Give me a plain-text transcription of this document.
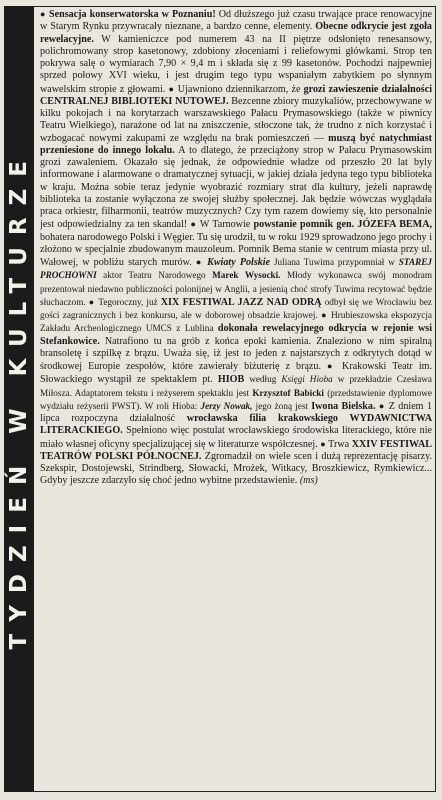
TYDZIEŃ W KULTURZE

● Sensacja konserwatorska w Poznaniu! Od dłuższego już czasu trwające prace renowacyjne w Starym Rynku przywracały nieznane, a bardzo cenne, elementy. Obecne odkrycie jest zgoła rewelacyjne. W kamieniczce pod numerem 43 na II piętrze odsłonięto renesansowy, polichromowany strop kasetonowy, zdobiony złoceniami i reliefowymi główkami. Strop ten pokrywa salę o wymiarach 7,90 × 9,4 m i składa się z 99 kasetonów. Pochodzi najpewniej sprzed połowy XVI wieku, i jest drugim tego typu wspaniałym zabytkiem po słynnym wawelskim stropie z głowami. ● Ujawniono dziennikarzom, że grozi zawieszenie działalności CENTRALNEJ BIBLIOTEKI NUTOWEJ. Bezcenne zbiory muzykaliów, przechowywane w kilku pokojach i na korytarzach warszawskiego Pałacu Prymasowskiego (także w piwnicy Teatru Wielkiego), narażone od lat na zniszczenie, stłoczone tak, że trudno z nich korzystać i wzbogacać nowymi zakupami ze względu na brak pomieszczeń — muszą być natychmiast przeniesione do innego lokalu. A to dlatego, że przeciążony strop w Pałacu Prymasowskim grozi zawaleniem. Okazało się jednak, że odpowiednie władze od przeszło 20 lat byly informowane i alarmowane o dramatycznej sytuacji, w jakiej działa jedyna tego typu biblioteka w kraju. Można sobie teraz jedynie wyobrazić rozmiary strat dla kultury, jeżeli naprawdę biblioteka ta zostanie wyłączona ze swojej służby społecznej. Jak będzie wówczas wyglądała praca orkiestr, filharmonii, teatrów muzycznych? Czy tym razem dowiemy się, kto personalnie jest odpowiedzialny za ten skandal! ● W Tarnowie powstanie pomnik gen. JÓZEFA BEMA, bohatera narodowego Polski i Węgier. Tu się urodził, tu w roku 1929 sprowadzono jego prochy i złożono w specjalnie zbudowanym mauzoleum. Pomnik Bema stanie w centrum miasta przy ul. Wałowej, w pobliżu starych murów. ● Kwiaty Polskie Juliana Tuwima przypomniał w STAREJ PROCHOWNI aktor Teatru Narodowego Marek Wysocki. Młody wykonawca swój monodram prezentował niedawno publiczności polonijnej w Anglii, a jesienią choć strofy Tuwima recytować będzie słuchaczom. ● Tegoroczny, już XIX FESTIWAL JAZZ NAD ODRĄ odbył się we Wrocławiu bez gości zagranicznych i bez konkursu, ale w doborowej obsadzie krajowej. ● Hrubieszowska ekspozycja Zakładu Archeologicznego UMCS z Lublina dokonała rewelacyjnego odkrycia w rejonie wsi Stefankowice. Natrafiono tu na grób z końca epoki kamienia. Znaleziono w nim spiralną bransoletę i szpilkę z brązu. Uważa się, iż jest to jeden z najstarszych z odkrytych dotąd w środkowej Europie zespołów, które zawierały biżuterię z brązu. ● Krakowski Teatr im. Słowackiego wystąpił ze spektaklem pt. HIOB według Księgi Hioba w przekładzie Czesława Miłosza. Adaptatorem tekstu i reżyserem spektaklu jest Krzysztof Babicki (przedstawienie dyplomowe wydziału reżyserii PWST). W roli Hioba: Jerzy Nowak, jego żoną jest Iwona Bielska. ● Z dniem 1 lipca rozpoczyna działalność wrocławska filia krakowskiego WYDAWNICTWA LITERACKIEGO. Spełniono więc postulat wrocławskiego środowiska literackiego, które nie miało własnej oficyny specjalizującej się w literaturze współczesnej. ● Trwa XXIV FESTIWAL TEATRÓW POLSKI PÓŁNOCNEJ. Zgromadził on wiele scen i dużą reprezentację pisarzy. Szekspir, Dostojewski, Strindberg, Słowacki, Mrożek, Witkacy, Broszkiewicz, Rymkiewicz... Gdyby jeszcze zdarzyło się choć jedno wybitne przedstawienie. (ms)
